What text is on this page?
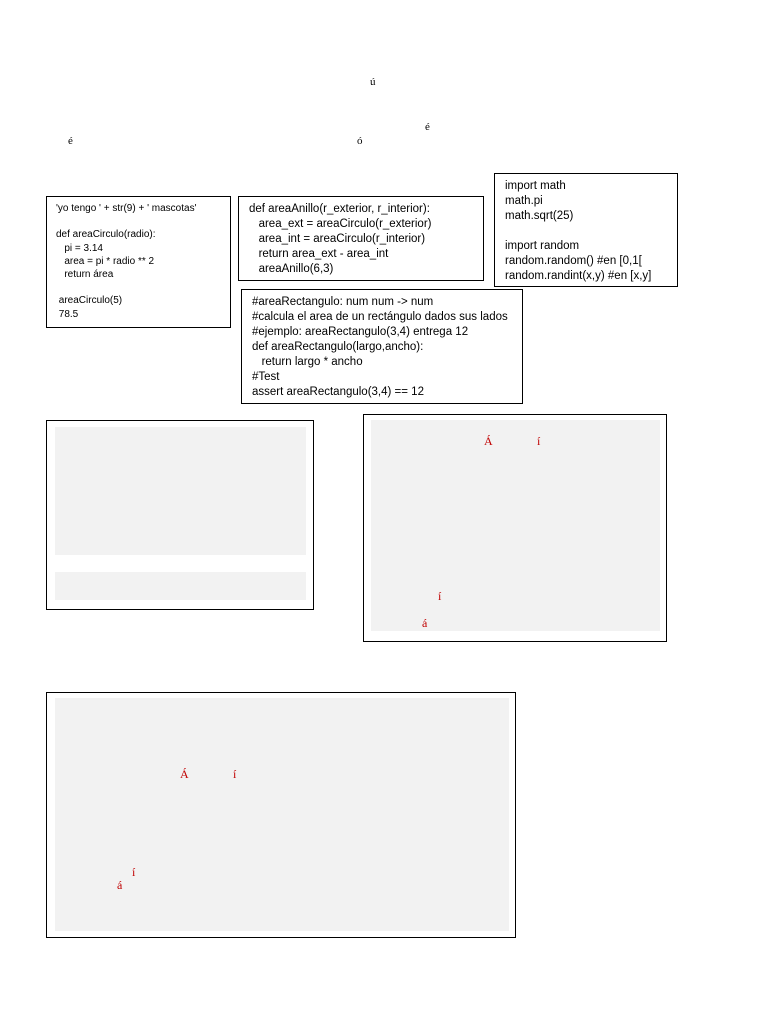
ú
é
é	ó
'yo tengo ' + str(9) + ' mascotas'

def areaCirculo(radio):
pi = 3.14
area = pi * radio ** 2
return área

areaCirculo(5)
78.5
def areaAnillo(r_exterior, r_interior):
area_ext = areaCirculo(r_exterior)
area_int = areaCirculo(r_interior)
return area_ext - area_int
areaAnillo(6,3)
import math
math.pi
math.sqrt(25)

import random
random.random() #en [0,1[
random.randint(x,y) #en [x,y]
#areaRectangulo: num num -> num
#calcula el area de un rectángulo dados sus lados
#ejemplo: areaRectangulo(3,4) entrega 12
def areaRectangulo(largo,ancho):
return largo * ancho
#Test
assert areaRectangulo(3,4) == 12
Á	í
í
á
Á	í
í
á
